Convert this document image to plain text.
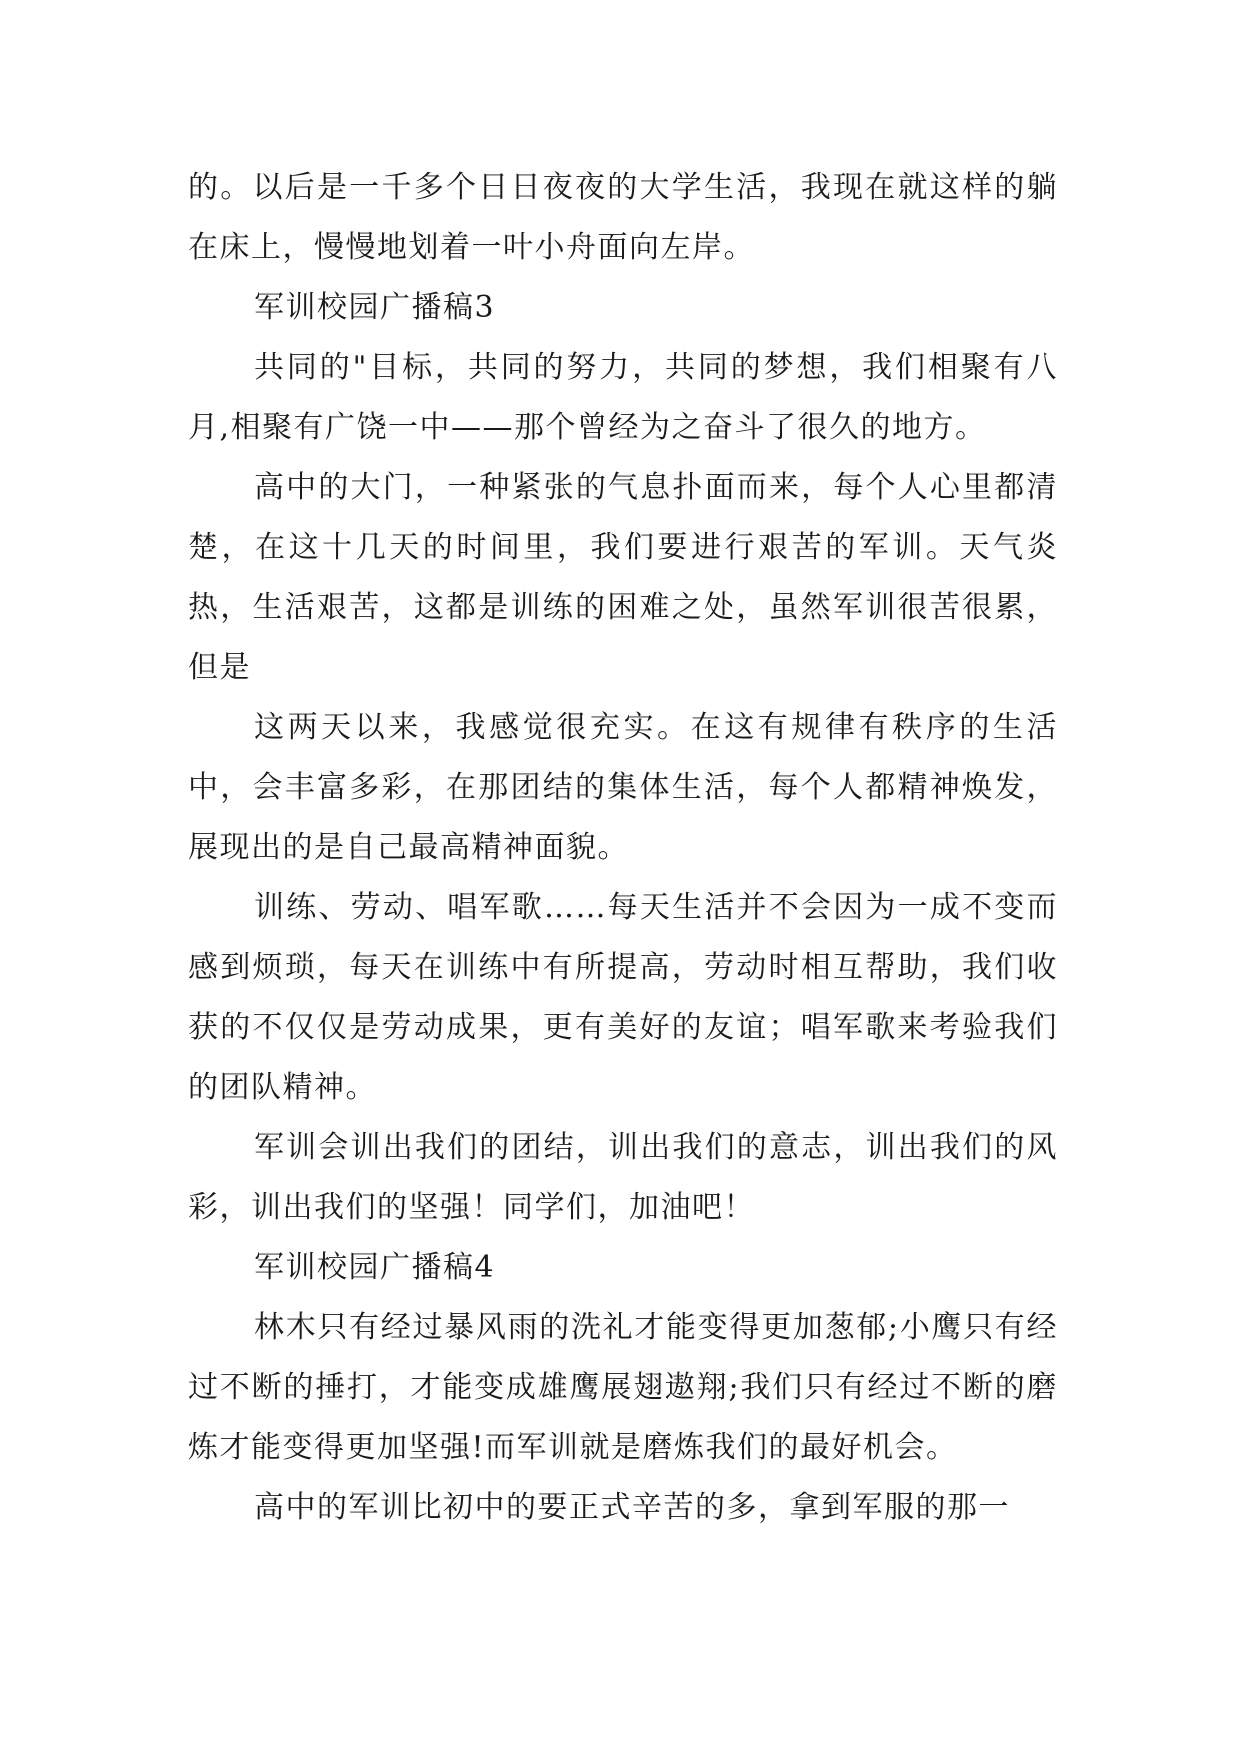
的。以后是一千多个日日夜夜的大学生活，我现在就这样的躺在床上，慢慢地划着一叶小舟面向左岸。

军训校园广播稿3

共同的"目标，共同的努力，共同的梦想，我们相聚有八月,相聚有广饶一中——那个曾经为之奋斗了很久的地方。

高中的大门，一种紧张的气息扑面而来，每个人心里都清楚，在这十几天的时间里，我们要进行艰苦的军训。天气炎热，生活艰苦，这都是训练的困难之处，虽然军训很苦很累，但是

这两天以来，我感觉很充实。在这有规律有秩序的生活中，会丰富多彩，在那团结的集体生活，每个人都精神焕发，展现出的是自己最高精神面貌。

训练、劳动、唱军歌……每天生活并不会因为一成不变而感到烦琐，每天在训练中有所提高，劳动时相互帮助，我们收获的不仅仅是劳动成果，更有美好的友谊；唱军歌来考验我们的团队精神。

军训会训出我们的团结，训出我们的意志，训出我们的风彩，训出我们的坚强！同学们，加油吧！

军训校园广播稿4

林木只有经过暴风雨的洗礼才能变得更加葱郁;小鹰只有经过不断的捶打，才能变成雄鹰展翅遨翔;我们只有经过不断的磨炼才能变得更加坚强!而军训就是磨炼我们的最好机会。

高中的军训比初中的要正式辛苦的多，拿到军服的那一
